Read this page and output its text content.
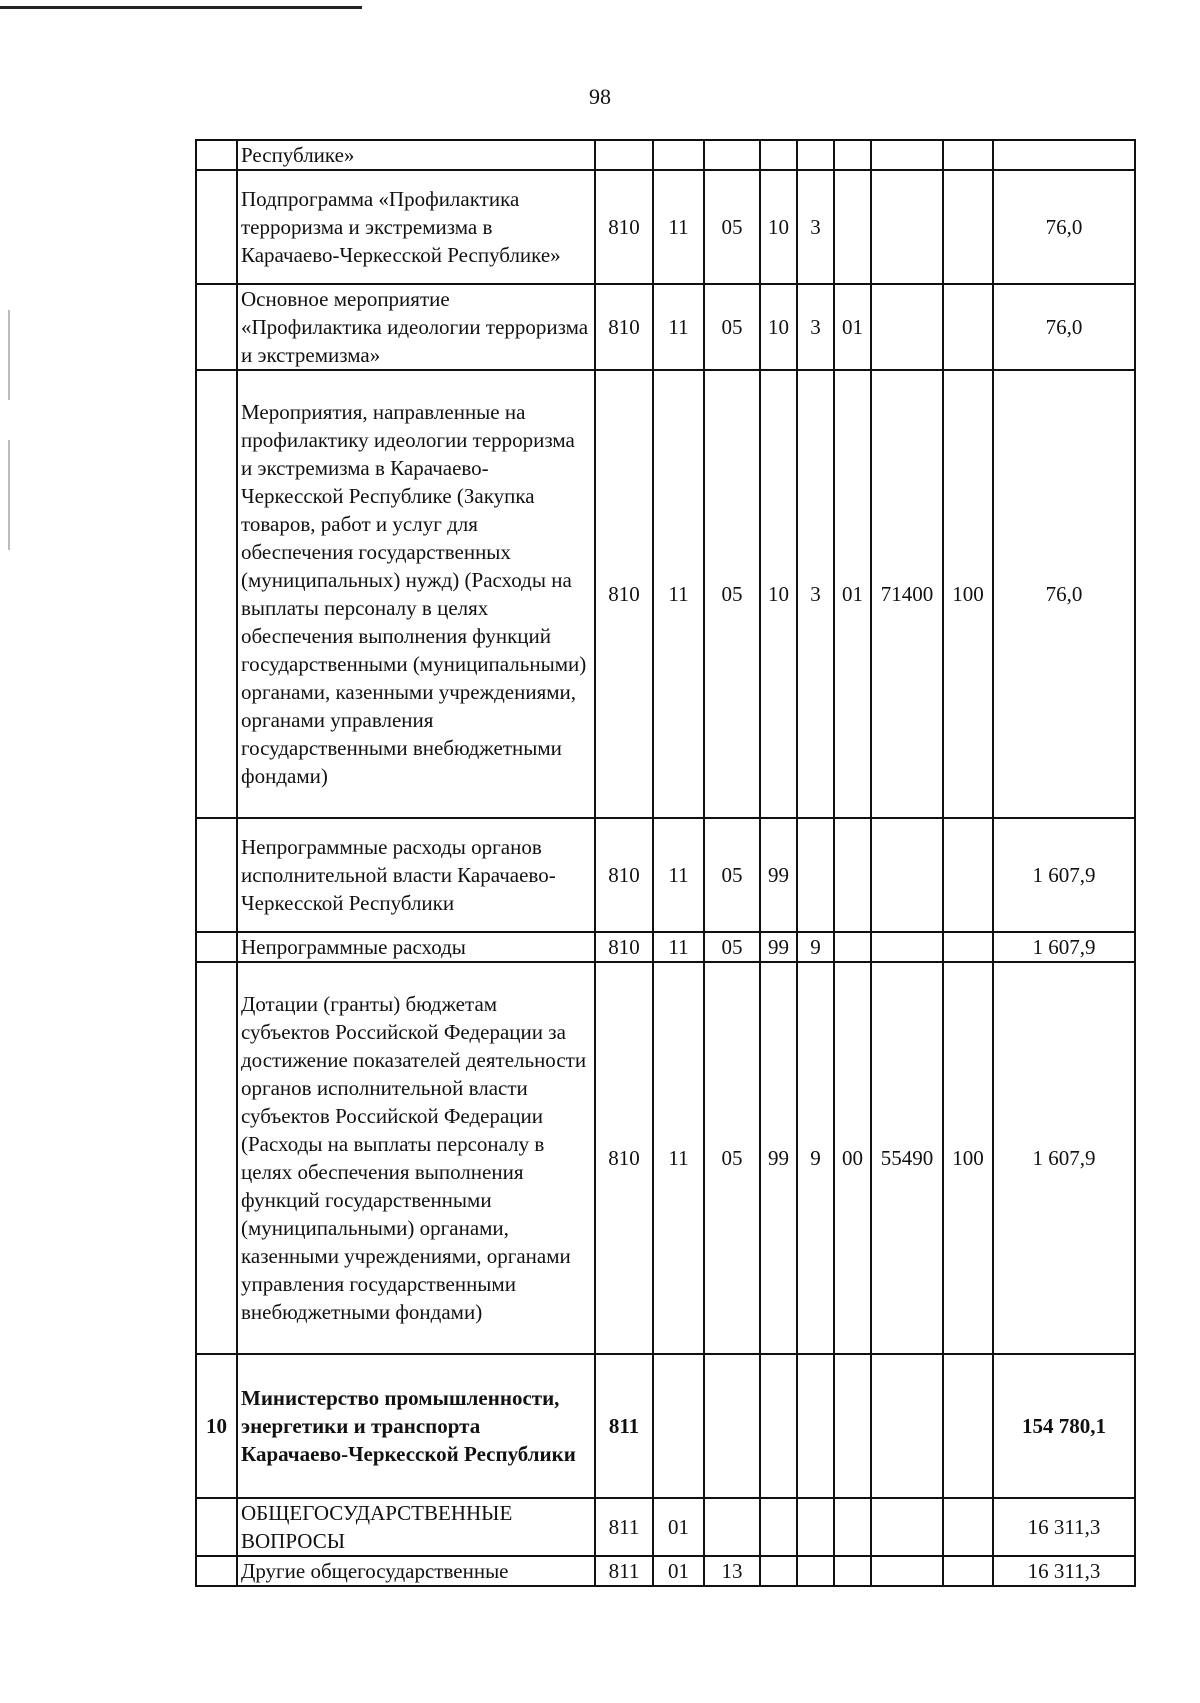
98
	Республике»									
	Подпрограмма «Профилактика терроризма и экстремизма в Карачаево-Черкесской Республике»	810	11	05	10	3				76,0
	Основное мероприятие «Профилактика идеологии терроризма и экстремизма»	810	11	05	10	3	01			76,0
	Мероприятия, направленные на профилактику идеологии терроризма и экстремизма в Карачаево-Черкесской Республике (Закупка товаров, работ и услуг для обеспечения государственных (муниципальных) нужд) (Расходы на выплаты персоналу в целях обеспечения выполнения функций государственными (муниципальными) органами, казенными учреждениями, органами управления государственными внебюджетными фондами)	810	11	05	10	3	01	71400	100	76,0
	Непрограммные расходы органов исполнительной власти Карачаево-Черкесской Республики	810	11	05	99					1 607,9
	Непрограммные расходы	810	11	05	99	9				1 607,9
	Дотации (гранты) бюджетам субъектов Российской Федерации за достижение показателей деятельности органов исполнительной власти субъектов Российской Федерации (Расходы на выплаты персоналу в целях обеспечения выполнения функций государственными (муниципальными) органами, казенными учреждениями, органами управления государственными внебюджетными фондами)	810	11	05	99	9	00	55490	100	1 607,9
10	Министерство промышленности, энергетики и транспорта Карачаево-Черкесской Республики	811								154 780,1
	ОБЩЕГОСУДАРСТВЕННЫЕ ВОПРОСЫ	811	01							16 311,3
	Другие общегосударственные	811	01	13						16 311,3
